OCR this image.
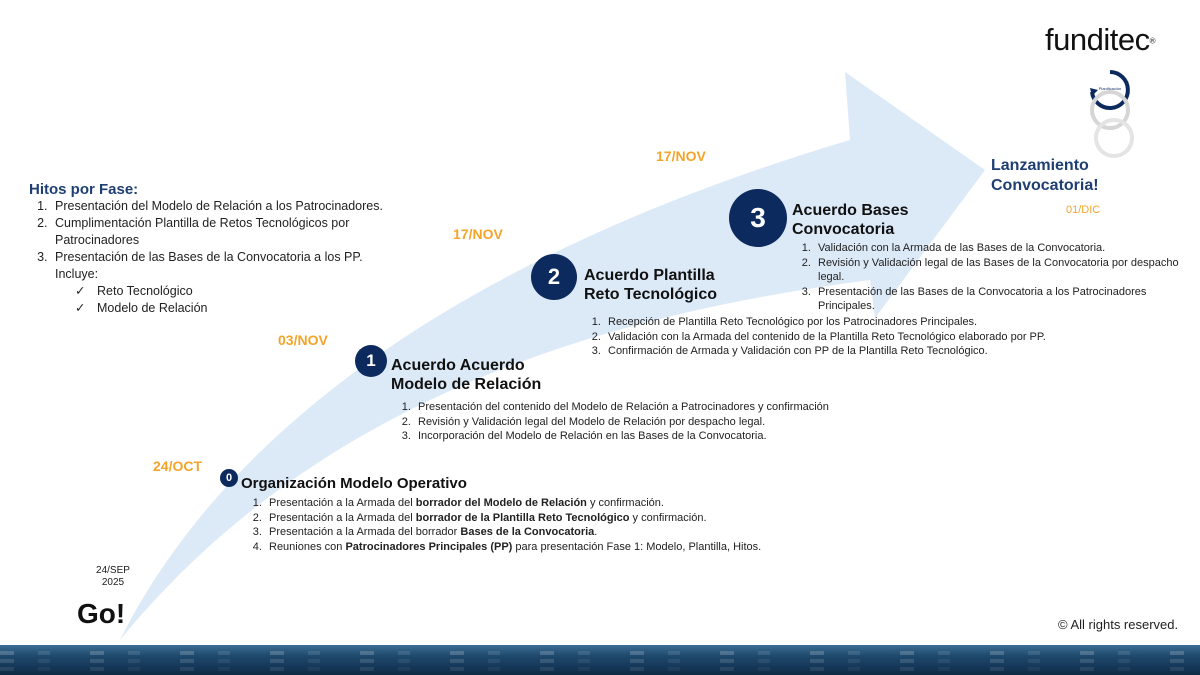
funditec®
Planificación
Hitos por Fase:
1. Presentación del Modelo de Relación a los Patrocinadores.
2. Cumplimentación Plantilla de Retos Tecnológicos por Patrocinadores
3. Presentación de las Bases de la Convocatoria a los PP. Incluye:
✓ Reto Tecnológico
✓ Modelo de Relación
24/SEP
2025
Go!
24/OCT
03/NOV
17/NOV
17/NOV
01/DIC
0 Organización Modelo Operativo
1. Presentación a la Armada del borrador del Modelo de Relación y confirmación.
2. Presentación a la Armada del borrador de la Plantilla Reto Tecnológico y confirmación.
3. Presentación a la Armada del borrador Bases de la Convocatoria.
4. Reuniones con Patrocinadores Principales (PP) para presentación Fase 1: Modelo, Plantilla, Hitos.
1 Acuerdo Acuerdo
Modelo de Relación
1. Presentación del contenido del Modelo de Relación a Patrocinadores y confirmación
2. Revisión y Validación legal del Modelo de Relación por despacho legal.
3. Incorporación del Modelo de Relación en las Bases de la Convocatoria.
2	Acuerdo Plantilla
Reto Tecnológico
1. Recepción de Plantilla Reto Tecnológico por los Patrocinadores Principales.
2. Validación con la Armada del contenido de la Plantilla Reto Tecnológico elaborado por PP.
3. Confirmación de Armada y Validación con PP de la Plantilla Reto Tecnológico.
3	Acuerdo Bases
Convocatoria
1. Validación con la Armada de las Bases de la Convocatoria.
2. Revisión y Validación legal de las Bases de la Convocatoria por despacho legal.
3. Presentación de las Bases de la Convocatoria a los Patrocinadores Principales.
Lanzamiento
Convocatoria!
© All rights reserved.
